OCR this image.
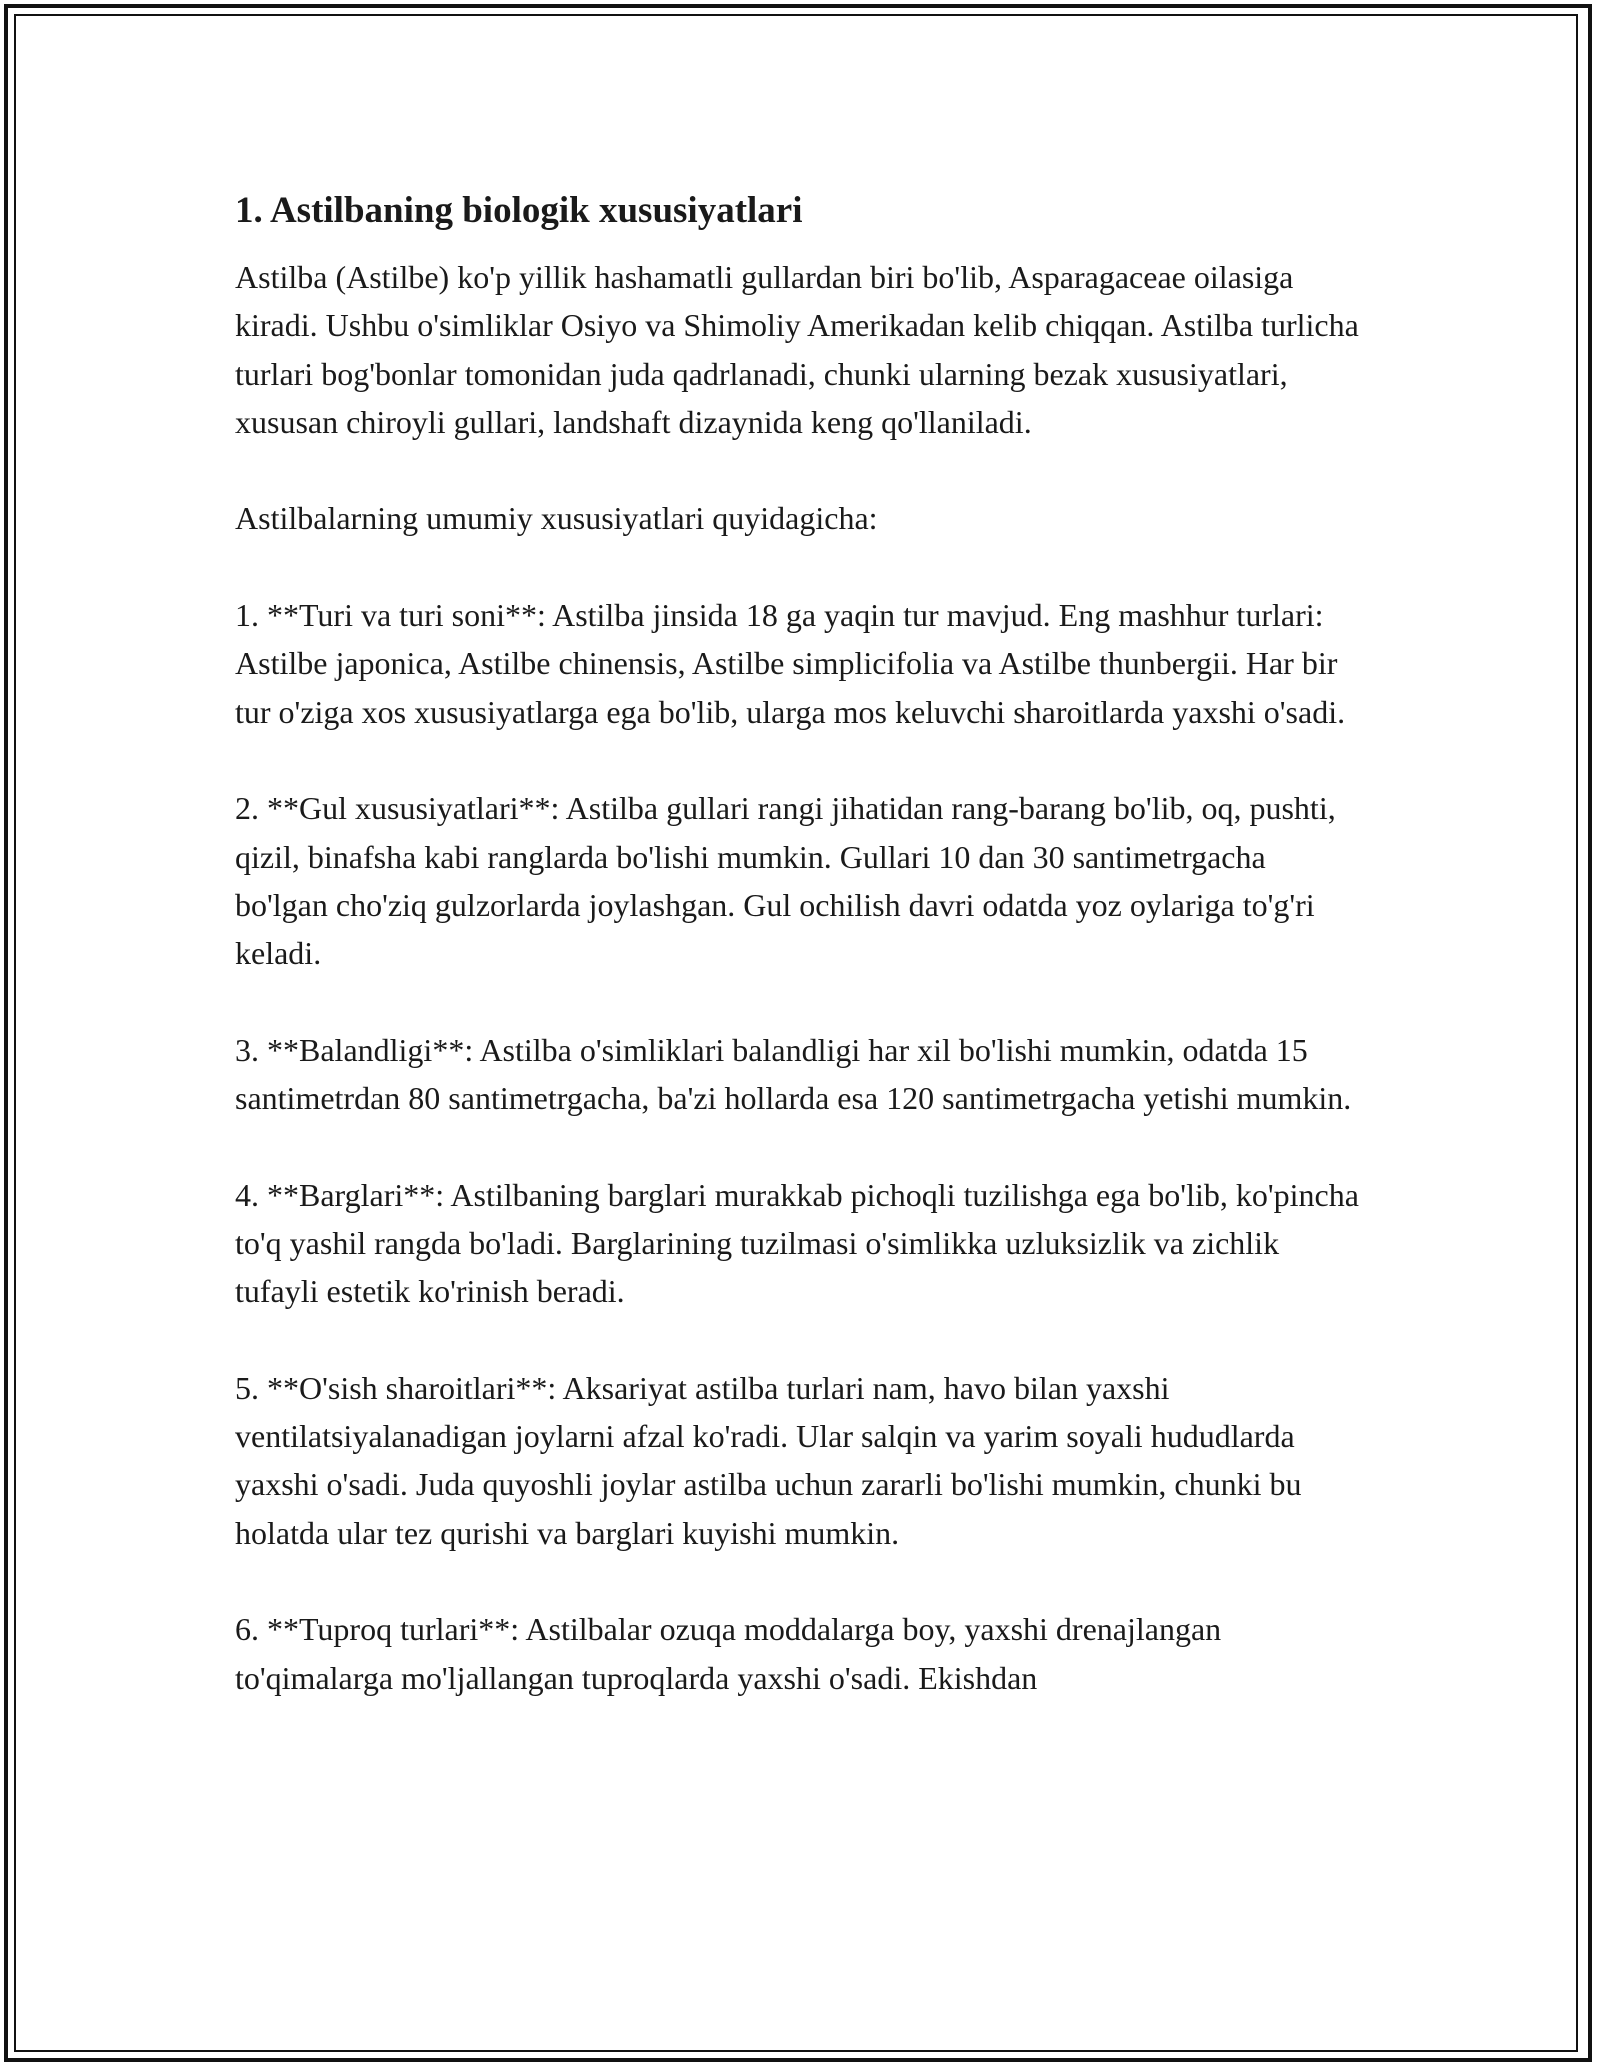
1. Astilbaning biologik xususiyatlari

Astilba (Astilbe) ko'p yillik hashamatli gullardan biri bo'lib, Asparagaceae oilasiga kiradi. Ushbu o'simliklar Osiyo va Shimoliy Amerikadan kelib chiqqan. Astilba turlicha turlari bog'bonlar tomonidan juda qadrlanadi, chunki ularning bezak xususiyatlari, xususan chiroyli gullari, landshaft dizaynida keng qo'llaniladi.

Astilbalarning umumiy xususiyatlari quyidagicha:

1. **Turi va turi soni**: Astilba jinsida 18 ga yaqin tur mavjud. Eng mashhur turlari: Astilbe japonica, Astilbe chinensis, Astilbe simplicifolia va Astilbe thunbergii. Har bir tur o'ziga xos xususiyatlarga ega bo'lib, ularga mos keluvchi sharoitlarda yaxshi o'sadi.

2. **Gul xususiyatlari**: Astilba gullari rangi jihatidan rang-barang bo'lib, oq, pushti, qizil, binafsha kabi ranglarda bo'lishi mumkin. Gullari 10 dan 30 santimetrgacha bo'lgan cho'ziq gulzorlarda joylashgan. Gul ochilish davri odatda yoz oylariga to'g'ri keladi.

3. **Balandligi**: Astilba o'simliklari balandligi har xil bo'lishi mumkin, odatda 15 santimetrdan 80 santimetrgacha, ba'zi hollarda esa 120 santimetrgacha yetishi mumkin.

4. **Barglari**: Astilbaning barglari murakkab pichoqli tuzilishga ega bo'lib, ko'pincha to'q yashil rangda bo'ladi. Barglarining tuzilmasi o'simlikka uzluksizlik va zichlik tufayli estetik ko'rinish beradi.

5. **O'sish sharoitlari**: Aksariyat astilba turlari nam, havo bilan yaxshi ventilatsiyalanadigan joylarni afzal ko'radi. Ular salqin va yarim soyali hududlarda yaxshi o'sadi. Juda quyoshli joylar astilba uchun zararli bo'lishi mumkin, chunki bu holatda ular tez qurishi va barglari kuyishi mumkin.

6. **Tuproq turlari**: Astilbalar ozuqa moddalarga boy, yaxshi drenajlangan to'qimalarga mo'ljallangan tuproqlarda yaxshi o'sadi. Ekishdan
